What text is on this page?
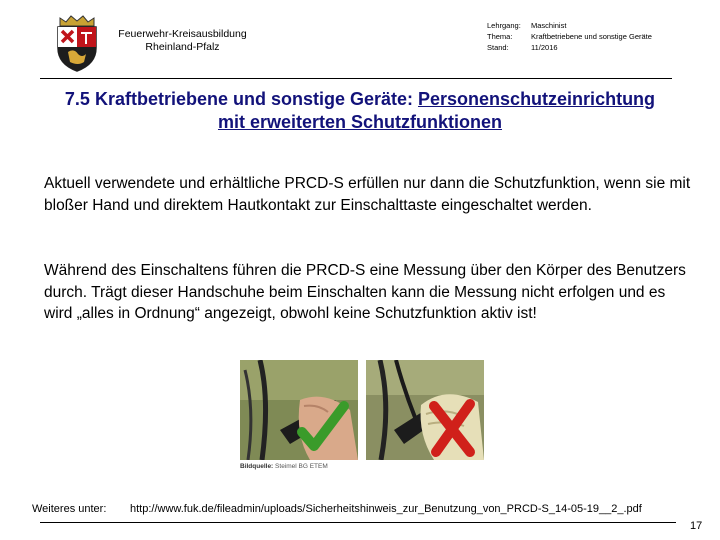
Feuerwehr-Kreisausbildung
Rheinland-Pfalz
Lehrgang:	Maschinist
Thema:	Kraftbetriebene und sonstige Geräte
Stand:	11/2016
7.5 Kraftbetriebene und sonstige Geräte: Personenschutzeinrichtung
mit erweiterten Schutzfunktionen
Aktuell verwendete und erhältliche PRCD-S erfüllen nur dann die Schutzfunktion, wenn sie mit bloßer Hand und direktem Hautkontakt zur Einschalttaste eingeschaltet werden.
Während des Einschaltens führen die PRCD-S eine Messung über den Körper des Benutzers durch. Trägt dieser Handschuhe beim Einschalten kann die Messung nicht erfolgen und es wird „alles in Ordnung“ angezeigt, obwohl keine Schutzfunktion aktiv ist!
Bildquelle: Steimel BG ETEM
Weiteres unter: http://www.fuk.de/fileadmin/uploads/Sicherheitshinweis_zur_Benutzung_von_PRCD-S_14-05-19__2_.pdf
17
